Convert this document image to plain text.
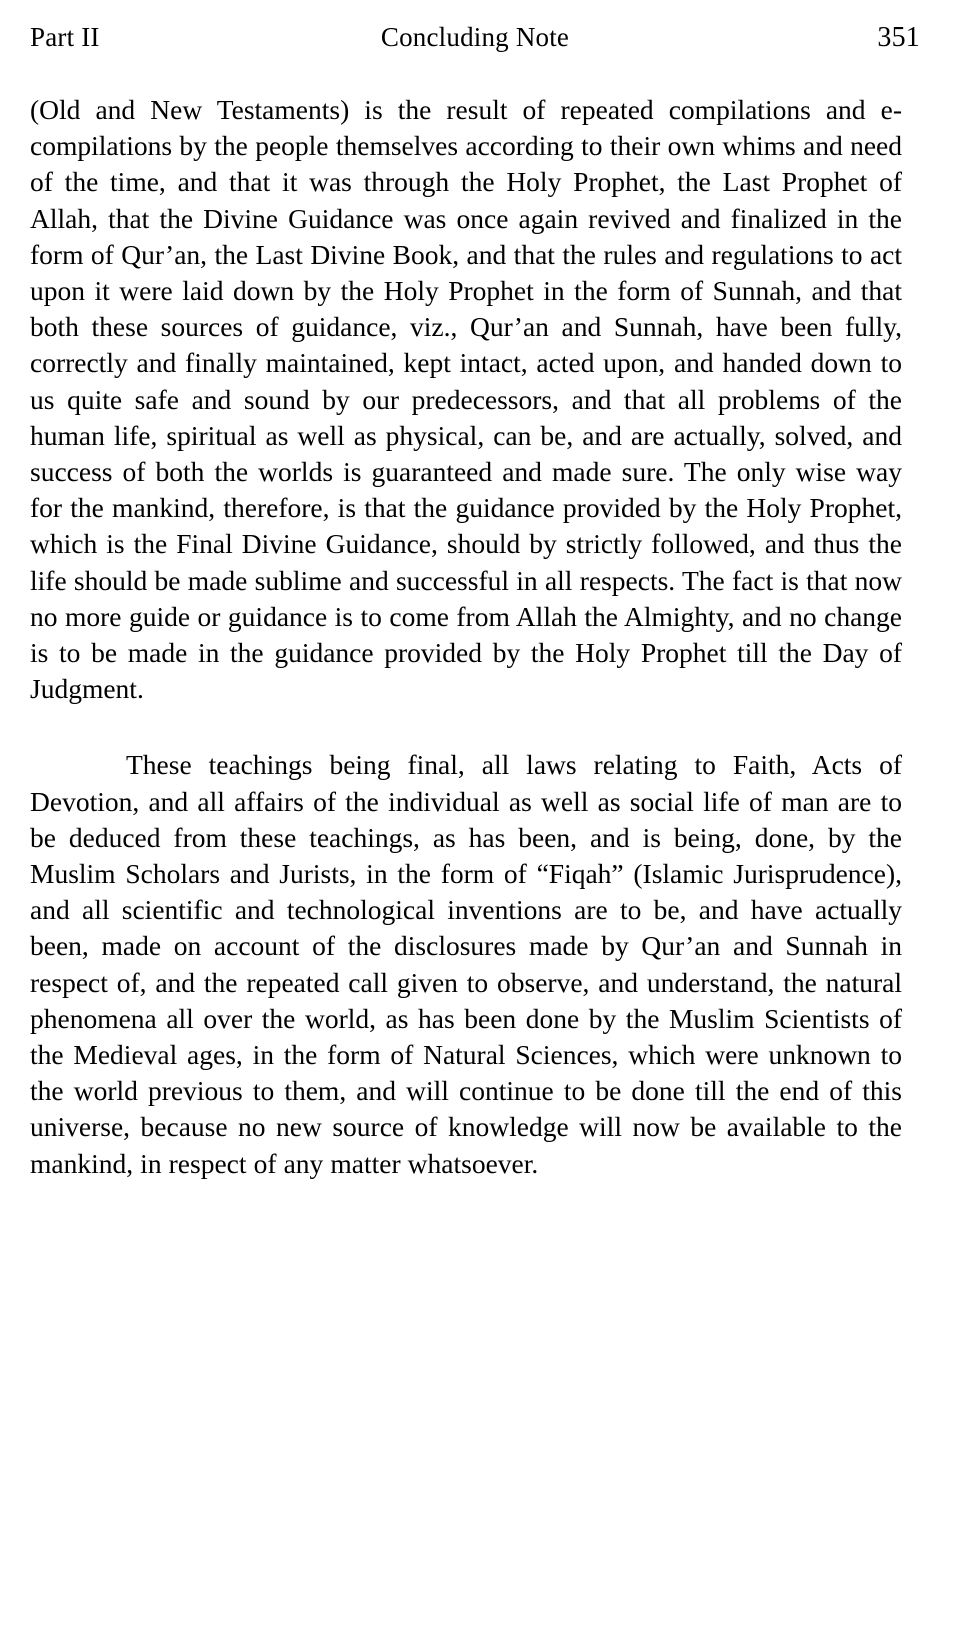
Part II	Concluding Note	351

(Old and New Testaments) is the result of repeated compilations and e-compilations by the people themselves according to their own whims and need of the time, and that it was through the Holy Prophet, the Last Prophet of Allah, that the Divine Guidance was once again revived and finalized in the form of Qur’an, the Last Divine Book, and that the rules and regulations to act upon it were laid down by the Holy Prophet in the form of Sunnah, and that both these sources of guidance, viz., Qur’an and Sunnah, have been fully, correctly and finally maintained, kept intact, acted upon, and handed down to us quite safe and sound by our predecessors, and that all problems of the human life, spiritual as well as physical, can be, and are actually, solved, and success of both the worlds is guaranteed and made sure. The only wise way for the mankind, therefore, is that the guidance provided by the Holy Prophet, which is the Final Divine Guidance, should by strictly followed, and thus the life should be made sublime and successful in all respects. The fact is that now no more guide or guidance is to come from Allah the Almighty, and no change is to be made in the guidance provided by the Holy Prophet till the Day of Judgment.

These teachings being final, all laws relating to Faith, Acts of Devotion, and all affairs of the individual as well as social life of man are to be deduced from these teachings, as has been, and is being, done, by the Muslim Scholars and Jurists, in the form of “Fiqah” (Islamic Jurisprudence), and all scientific and technological inventions are to be, and have actually been, made on account of the disclosures made by Qur’an and Sunnah in respect of, and the repeated call given to observe, and understand, the natural phenomena all over the world, as has been done by the Muslim Scientists of the Medieval ages, in the form of Natural Sciences, which were unknown to the world previous to them, and will continue to be done till the end of this universe, because no new source of knowledge will now be available to the mankind, in respect of any matter whatsoever.
